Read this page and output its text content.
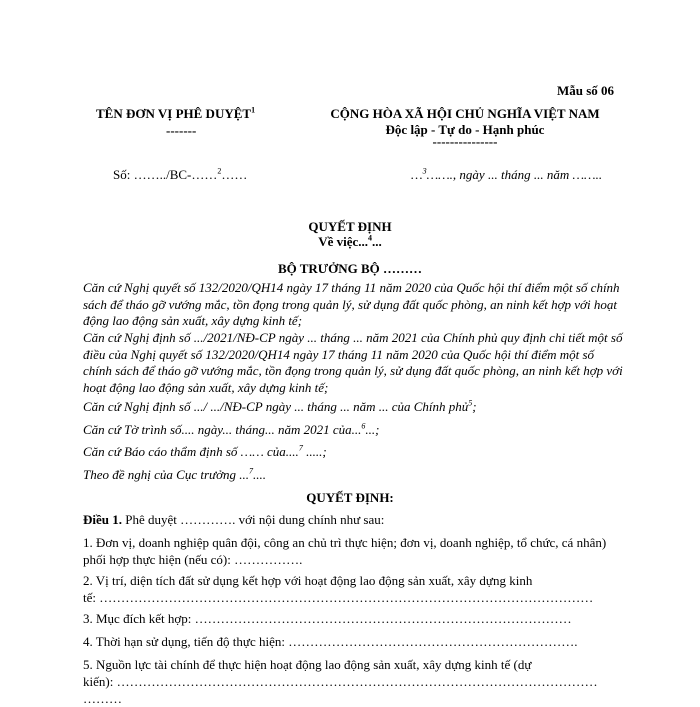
Mẫu số 06
TÊN ĐƠN VỊ PHÊ DUYỆT$^1$
-------
CỘNG HÒA XÃ HỘI CHỦ NGHĨA VIỆT NAM
Độc lập - Tự do - Hạnh phúc
---------------
Số: ……../BC-……$^2$……	…$^3$……., ngày ... tháng ... năm ……..
QUYẾT ĐỊNH
Về việc...$^4$...
BỘ TRƯỞNG BỘ ………
Căn cứ Nghị quyết số 132/2020/QH14 ngày 17 tháng 11 năm 2020 của Quốc hội thí điểm một số chính sách để tháo gỡ vướng mắc, tồn đọng trong quản lý, sử dụng đất quốc phòng, an ninh kết hợp với hoạt động lao động sản xuất, xây dựng kinh tế;
Căn cứ Nghị định số .../2021/NĐ-CP ngày ... tháng ... năm 2021 của Chính phủ quy định chi tiết một số điều của Nghị quyết số 132/2020/QH14 ngày 17 tháng 11 năm 2020 của Quốc hội thí điểm một số chính sách để tháo gỡ vướng mắc, tồn đọng trong quản lý, sử dụng đất quốc phòng, an ninh kết hợp với hoạt động lao động sản xuất, xây dựng kinh tế;
Căn cứ Nghị định số .../ .../NĐ-CP ngày ... tháng ... năm ... của Chính phủ$^5$;
Căn cứ Tờ trình số.... ngày... tháng... năm 2021 của...$^6$...;
Căn cứ Báo cáo thẩm định số …… của....$^7$ .....;
Theo đề nghị của Cục trưởng ...$^7$....
QUYẾT ĐỊNH:
Điều 1. Phê duyệt …………. với nội dung chính như sau:
1. Đơn vị, doanh nghiệp quân đội, công an chủ trì thực hiện; đơn vị, doanh nghiệp, tổ chức, cá nhân) phối hợp thực hiện (nếu có): …………….
2. Vị trí, diện tích đất sử dụng kết hợp với hoạt động lao động sản xuất, xây dựng kinh
tế: ……………………………………………………………………………………………………
3. Mục đích kết hợp: ……………………………………………………………………………
4. Thời hạn sử dụng, tiến độ thực hiện: ………………………………………………………….
5. Nguồn lực tài chính để thực hiện hoạt động lao động sản xuất, xây dựng kinh tế (dự
kiến): …………………………………………………………………………………………………
………
